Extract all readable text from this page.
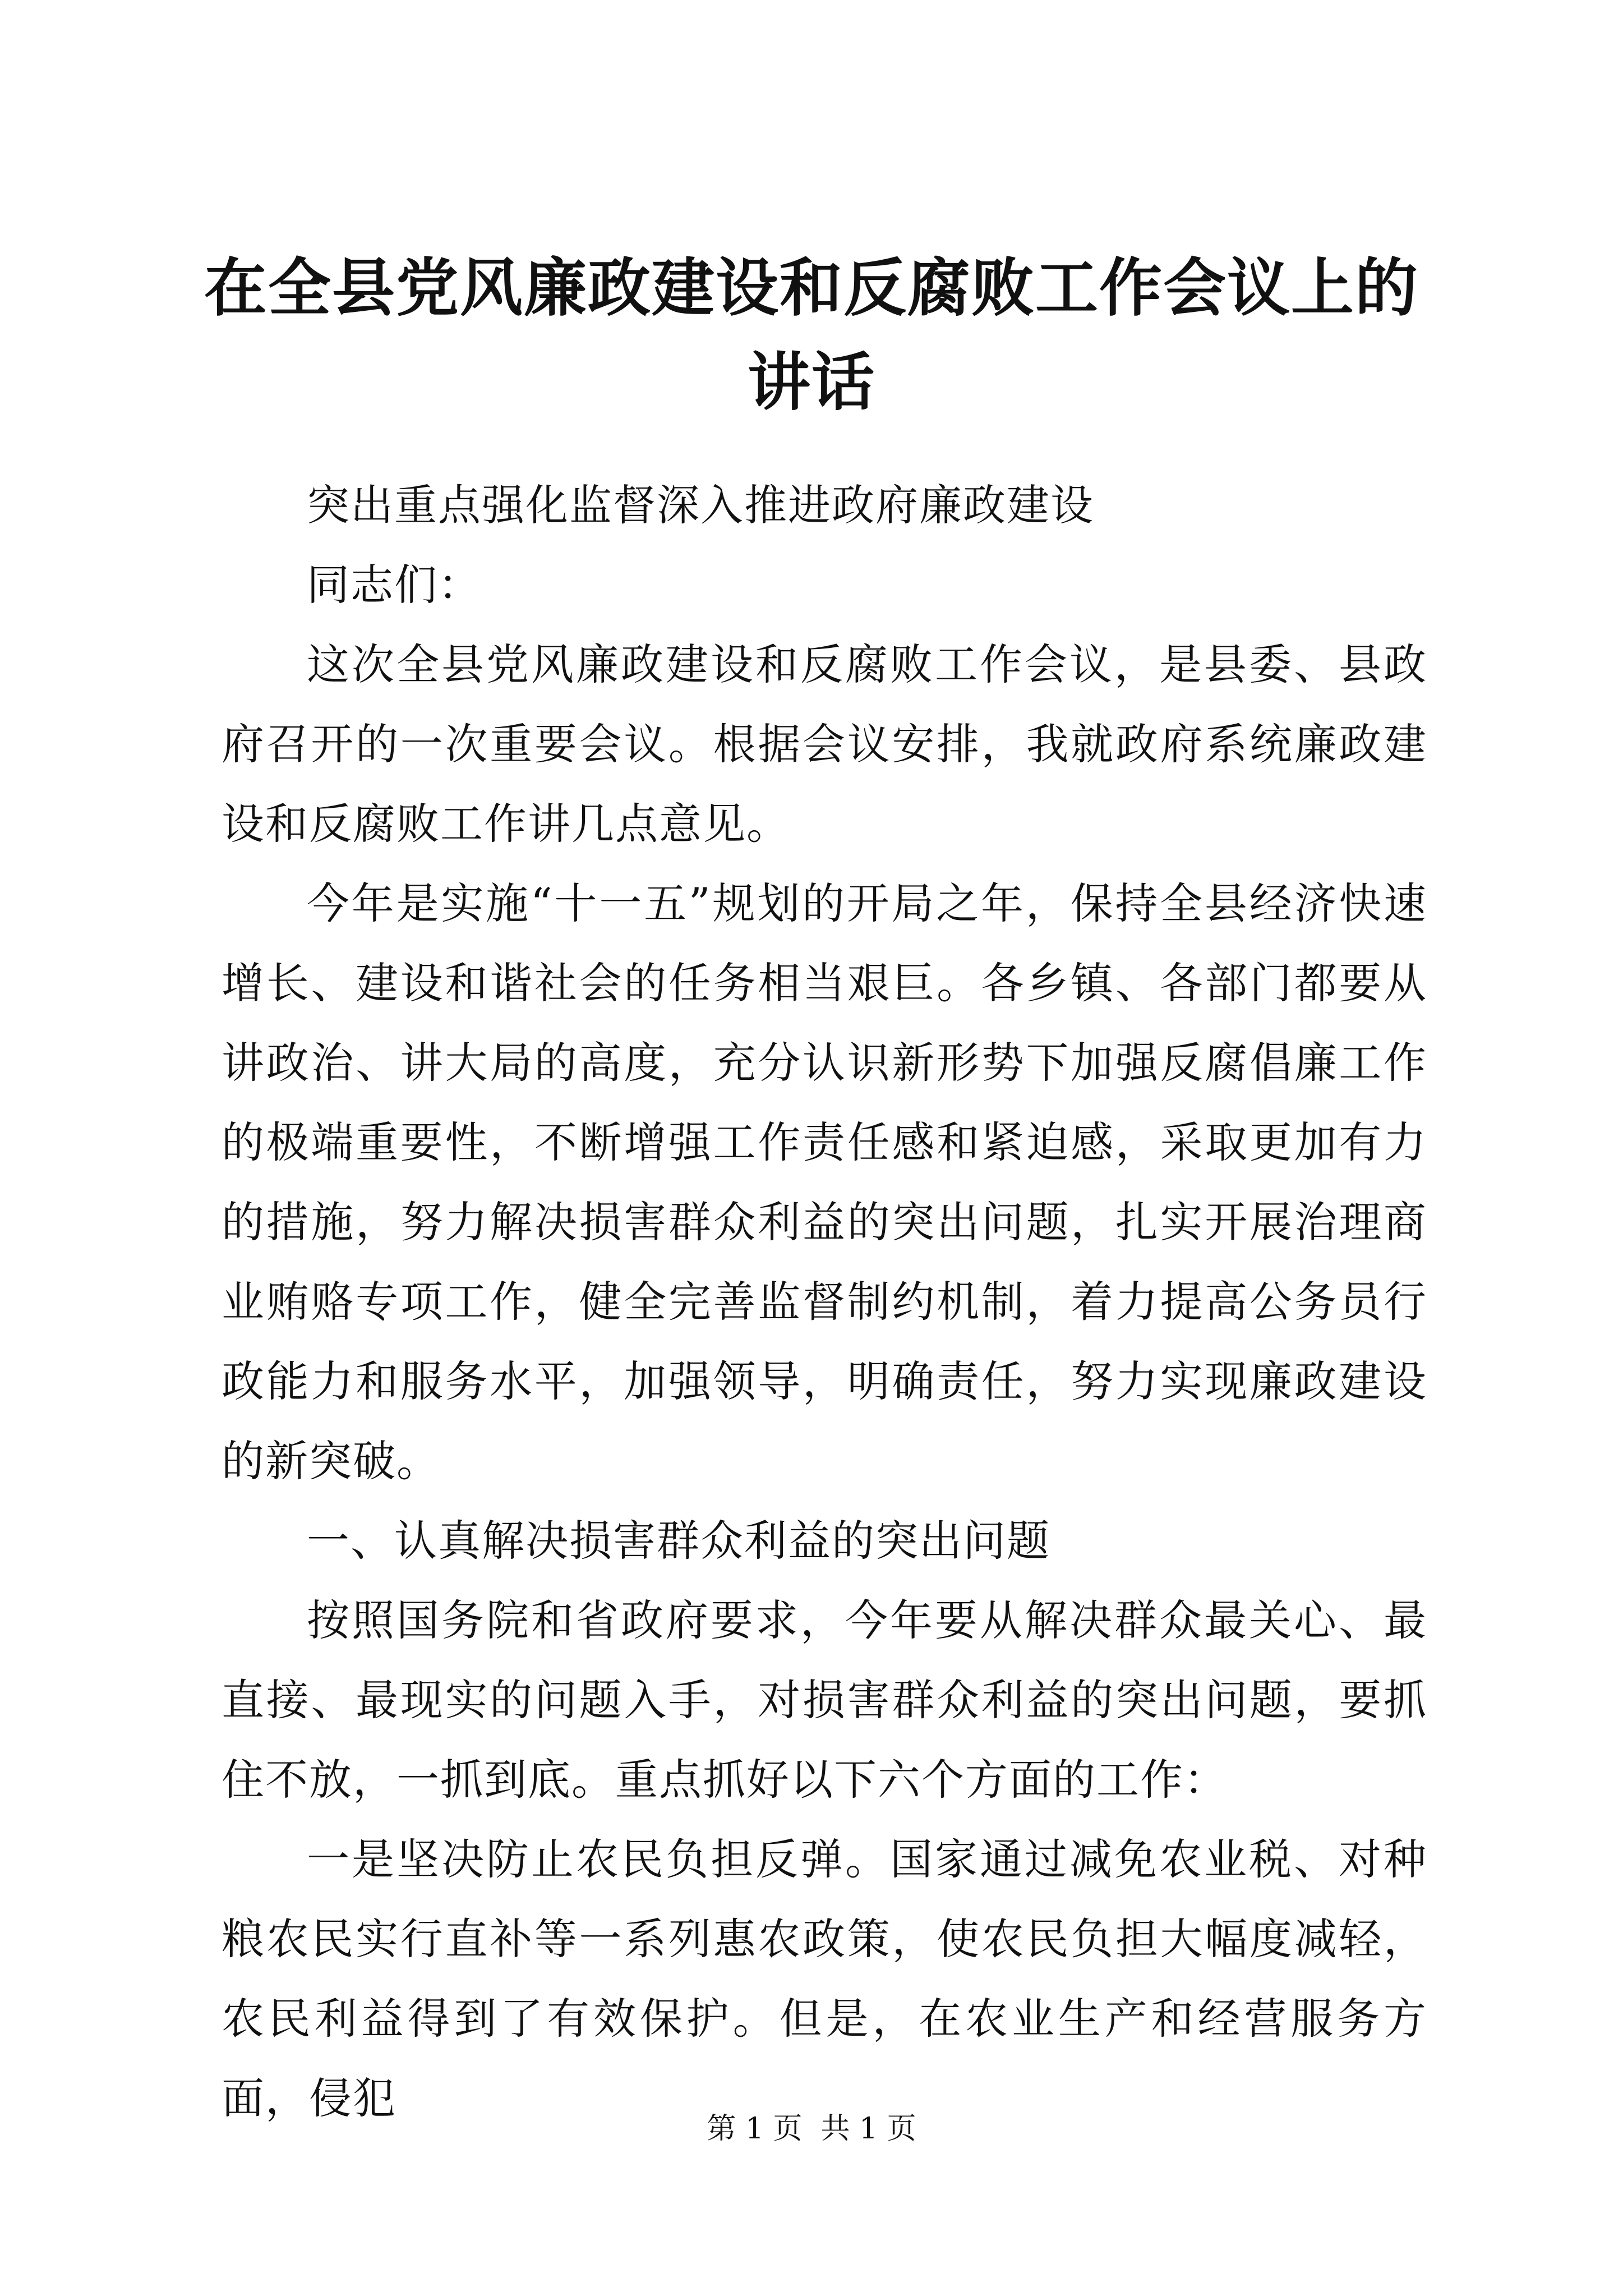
在全县党风廉政建设和反腐败工作会议上的讲话

突出重点强化监督深入推进政府廉政建设

同志们：

这次全县党风廉政建设和反腐败工作会议，是县委、县政府召开的一次重要会议。根据会议安排，我就政府系统廉政建设和反腐败工作讲几点意见。

今年是实施“十一五”规划的开局之年，保持全县经济快速增长、建设和谐社会的任务相当艰巨。各乡镇、各部门都要从讲政治、讲大局的高度，充分认识新形势下加强反腐倡廉工作的极端重要性，不断增强工作责任感和紧迫感，采取更加有力的措施，努力解决损害群众利益的突出问题，扎实开展治理商业贿赂专项工作，健全完善监督制约机制，着力提高公务员行政能力和服务水平，加强领导，明确责任，努力实现廉政建设的新突破。

一、认真解决损害群众利益的突出问题

按照国务院和省政府要求，今年要从解决群众最关心、最直接、最现实的问题入手，对损害群众利益的突出问题，要抓住不放，一抓到底。重点抓好以下六个方面的工作：

一是坚决防止农民负担反弹。国家通过减免农业税、对种粮农民实行直补等一系列惠农政策，使农民负担大幅度减轻，农民利益得到了有效保护。但是，在农业生产和经营服务方面，侵犯

第 1 页  共 1 页
